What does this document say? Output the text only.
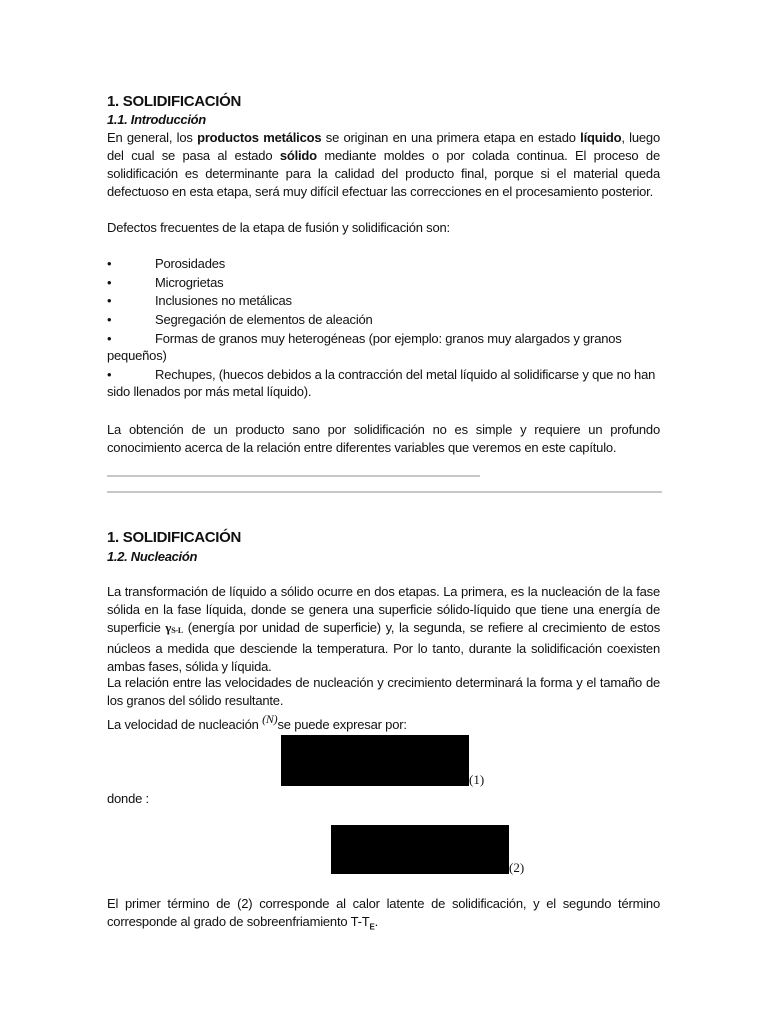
1. SOLIDIFICACIÓN
1.1. Introducción
En general, los productos metálicos se originan en una primera etapa en estado líquido, luego del cual se pasa al estado sólido mediante moldes o por colada continua. El proceso de solidificación es determinante para la calidad del producto final, porque si el material queda defectuoso en esta etapa, será muy difícil efectuar las correcciones en el procesamiento posterior.
Defectos frecuentes de la etapa de fusión y solidificación son:
•	Porosidades
•	Microgrietas
•	Inclusiones no metálicas
•	Segregación de elementos de aleación
•	Formas de granos muy heterogéneas (por ejemplo: granos muy alargados y granos pequeños)
•	Rechupes, (huecos debidos a la contracción del metal líquido al solidificarse y que no han sido llenados por más metal líquido).
La obtención de un producto sano por solidificación no es simple y requiere un profundo conocimiento acerca de la relación entre diferentes variables que veremos en este capítulo.
1. SOLIDIFICACIÓN
1.2. Nucleación
La transformación de líquido a sólido ocurre en dos etapas. La primera, es la nucleación de la fase sólida en la fase líquida, donde se genera una superficie sólido-líquido que tiene una energía de superficie $\gamma_{S-L}$ (energía por unidad de superficie) y, la segunda, se refiere al crecimiento de estos núcleos a medida que desciende la temperatura. Por lo tanto, durante la solidificación coexisten ambas fases, sólida y líquida.
La relación entre las velocidades de nucleación y crecimiento determinará la forma y el tamaño de los granos del sólido resultante.
La velocidad de nucleación (N)se puede expresar por:
(1)
donde :
(2)
El primer término de (2) corresponde al calor latente de solidificación, y el segundo término corresponde al grado de sobreenfriamiento $T-T_E$.
